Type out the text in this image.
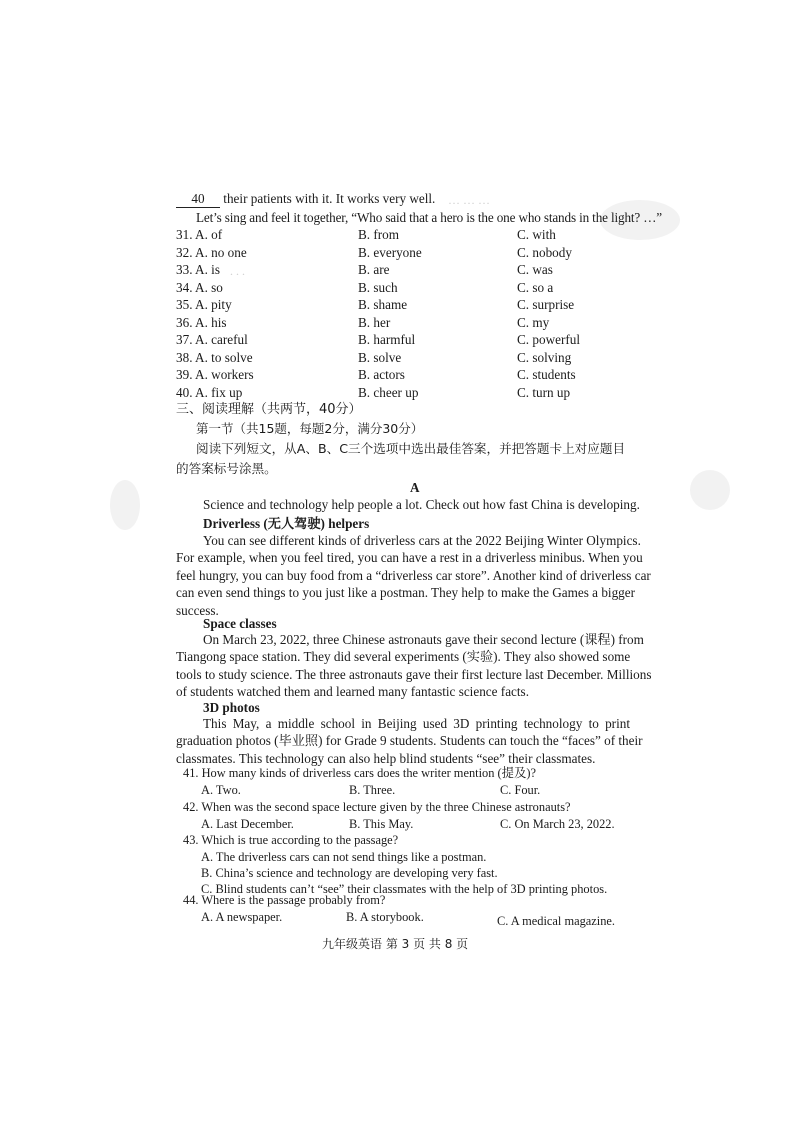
40 their patients with it. It works very well.
Let’s sing and feel it together, “Who said that a hero is the one who stands in the light? …”
31. A. of	B. from	C. with
32. A. no one	B. everyone	C. nobody
33. A. is	B. are	C. was
34. A. so	B. such	C. so a
35. A. pity	B. shame	C. surprise
36. A. his	B. her	C. my
37. A. careful	B. harmful	C. powerful
38. A. to solve	B. solve	C. solving
39. A. workers	B. actors	C. students
40. A. fix up	B. cheer up	C. turn up
三、阅读理解（共两节，40分）
第一节（共15题，每题2分，满分30分）
阅读下列短文，从A、B、C三个选项中选出最佳答案，并把答题卡上对应题目
的答案标号涂黑。
A
Science and technology help people a lot. Check out how fast China is developing.
Driverless (无人驾驶) helpers
You can see different kinds of driverless cars at the 2022 Beijing Winter Olympics.
For example, when you feel tired, you can have a rest in a driverless minibus. When you
feel hungry, you can buy food from a “driverless car store”. Another kind of driverless car
can even send things to you just like a postman. They help to make the Games a bigger
success.
Space classes
On March 23, 2022, three Chinese astronauts gave their second lecture (课程) from
Tiangong space station. They did several experiments (实验). They also showed some
tools to study science. The three astronauts gave their first lecture last December. Millions
of students watched them and learned many fantastic science facts.
3D photos
This May, a middle school in Beijing used 3D printing technology to print
graduation photos (毕业照) for Grade 9 students. Students can touch the “faces” of their
classmates. This technology can also help blind students “see” their classmates.
41. How many kinds of driverless cars does the writer mention (提及)?
A. Two.	B. Three.	C. Four.
42. When was the second space lecture given by the three Chinese astronauts?
A. Last December.	B. This May.	C. On March 23, 2022.
43. Which is true according to the passage?
A. The driverless cars can not send things like a postman.
B. China’s science and technology are developing very fast.
C. Blind students can’t “see” their classmates with the help of 3D printing photos.
44. Where is the passage probably from?
A. A newspaper.	B. A storybook.	C. A medical magazine.
九年级英语 第 3 页 共 8 页
… … …
. . .
